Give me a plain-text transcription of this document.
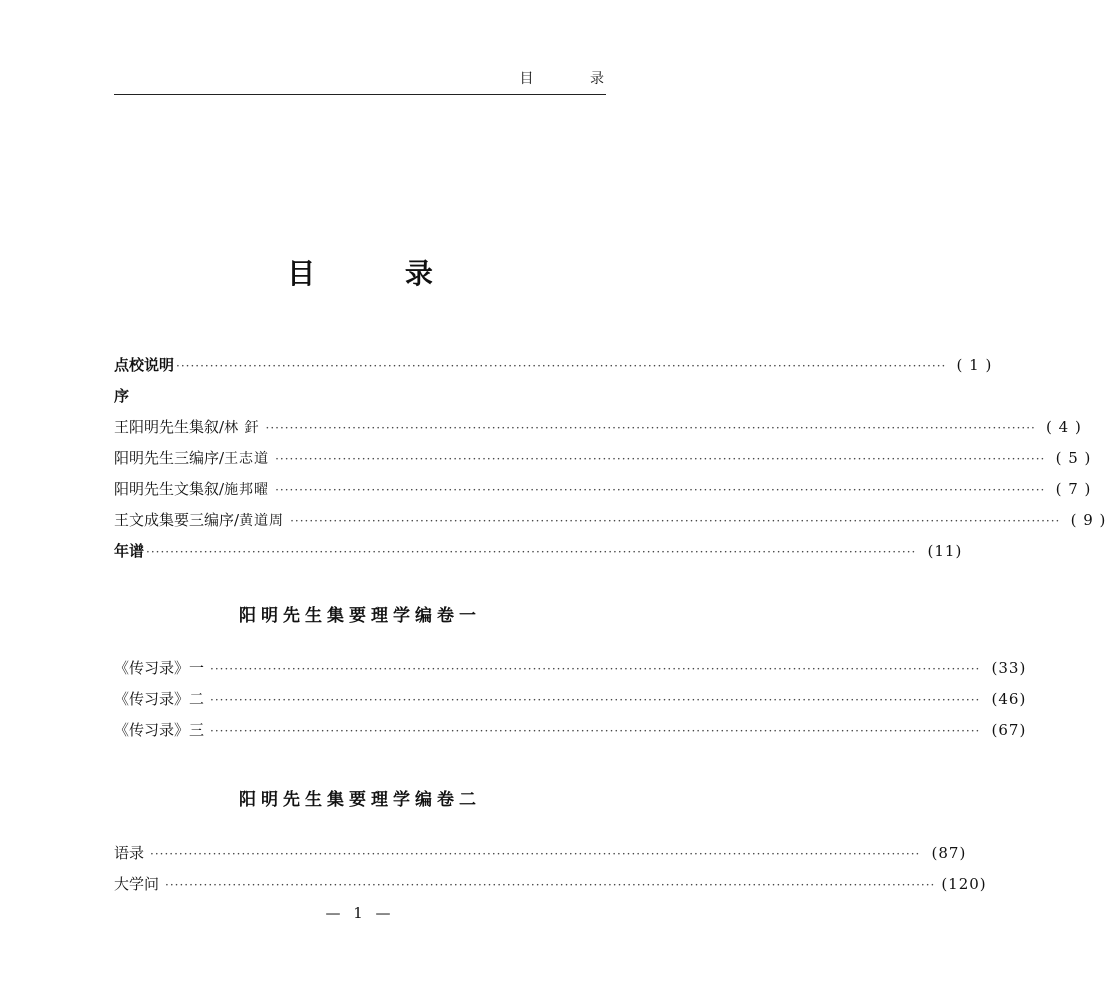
目 录
目 录
点校说明 ································································································································································ ( 1 )
序
王阳明先生集叙/ 林 釬 ································································································································································ ( 4 )
阳明先生三编序/ 王志道 ································································································································································ ( 5 )
阳明先生文集叙/ 施邦曜 ································································································································································ ( 7 )
王文成集要三编序/ 黄道周 ································································································································································ ( 9 )
年谱 ································································································································································ (11)
阳明先生集要理学编卷一
《传习录》一 ································································································································································ (33)
《传习录》二 ································································································································································ (46)
《传习录》三 ································································································································································ (67)
阳明先生集要理学编卷二
语录 ································································································································································ (87)
大学问 ································································································································································ (120)
— 1 —
